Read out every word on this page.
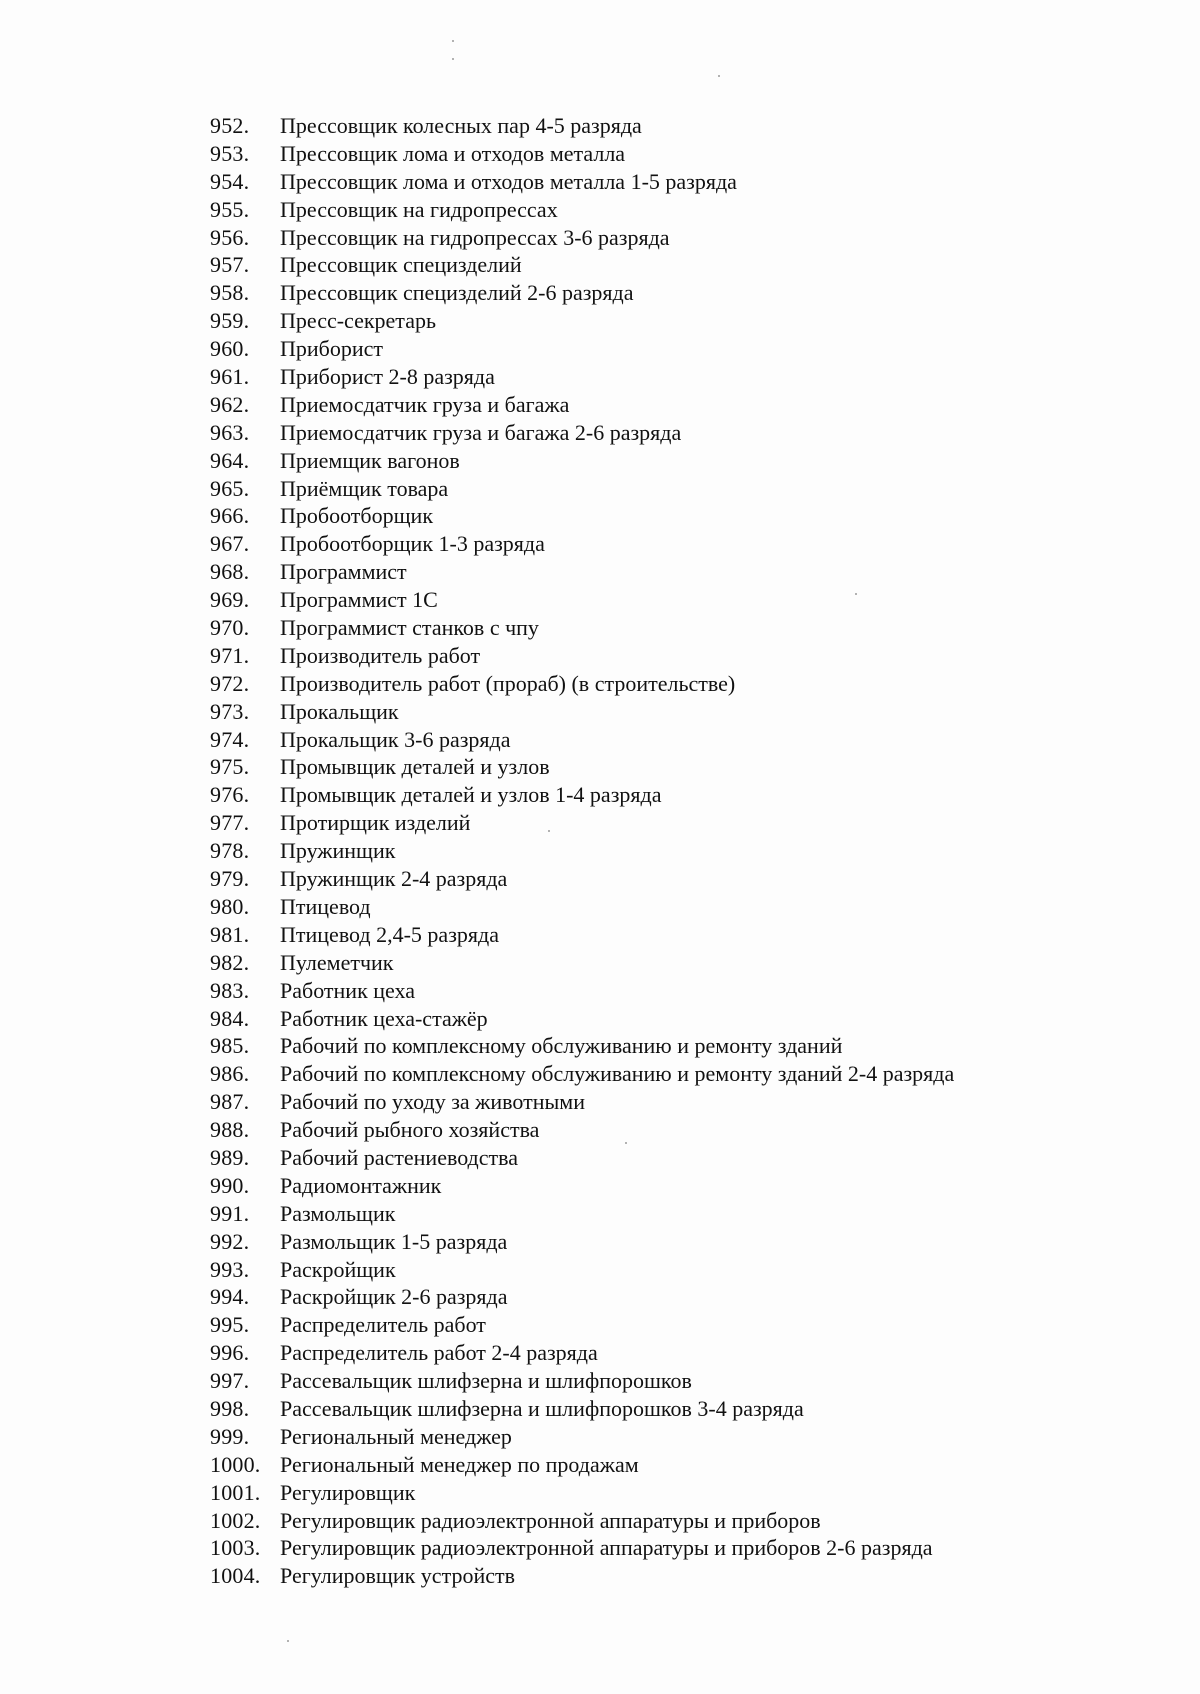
952.	Прессовщик колесных пар 4-5 разряда
953.	Прессовщик лома и отходов металла
954.	Прессовщик лома и отходов металла 1-5 разряда
955.	Прессовщик на гидропрессах
956.	Прессовщик на гидропрессах 3-6 разряда
957.	Прессовщик специзделий
958.	Прессовщик специзделий 2-6 разряда
959.	Пресс-секретарь
960.	Приборист
961.	Приборист 2-8 разряда
962.	Приемосдатчик груза и багажа
963.	Приемосдатчик груза и багажа 2-6 разряда
964.	Приемщик вагонов
965.	Приёмщик товара
966.	Пробоотборщик
967.	Пробоотборщик 1-3 разряда
968.	Программист
969.	Программист 1С
970.	Программист станков с чпу
971.	Производитель работ
972.	Производитель работ (прораб) (в строительстве)
973.	Прокальщик
974.	Прокальщик 3-6 разряда
975.	Промывщик деталей и узлов
976.	Промывщик деталей и узлов 1-4 разряда
977.	Протирщик изделий
978.	Пружинщик
979.	Пружинщик 2-4 разряда
980.	Птицевод
981.	Птицевод 2,4-5 разряда
982.	Пулеметчик
983.	Работник цеха
984.	Работник цеха-стажёр
985.	Рабочий по комплексному обслуживанию и ремонту зданий
986.	Рабочий по комплексному обслуживанию и ремонту зданий 2-4 разряда
987.	Рабочий по уходу за животными
988.	Рабочий рыбного хозяйства
989.	Рабочий растениеводства
990.	Радиомонтажник
991.	Размольщик
992.	Размольщик 1-5 разряда
993.	Раскройщик
994.	Раскройщик 2-6 разряда
995.	Распределитель работ
996.	Распределитель работ 2-4 разряда
997.	Рассевальщик шлифзерна и шлифпорошков
998.	Рассевальщик шлифзерна и шлифпорошков 3-4 разряда
999.	Региональный менеджер
1000. Региональный менеджер по продажам
1001. Регулировщик
1002. Регулировщик радиоэлектронной аппаратуры и приборов
1003. Регулировщик радиоэлектронной аппаратуры и приборов 2-6 разряда
1004. Регулировщик устройств
